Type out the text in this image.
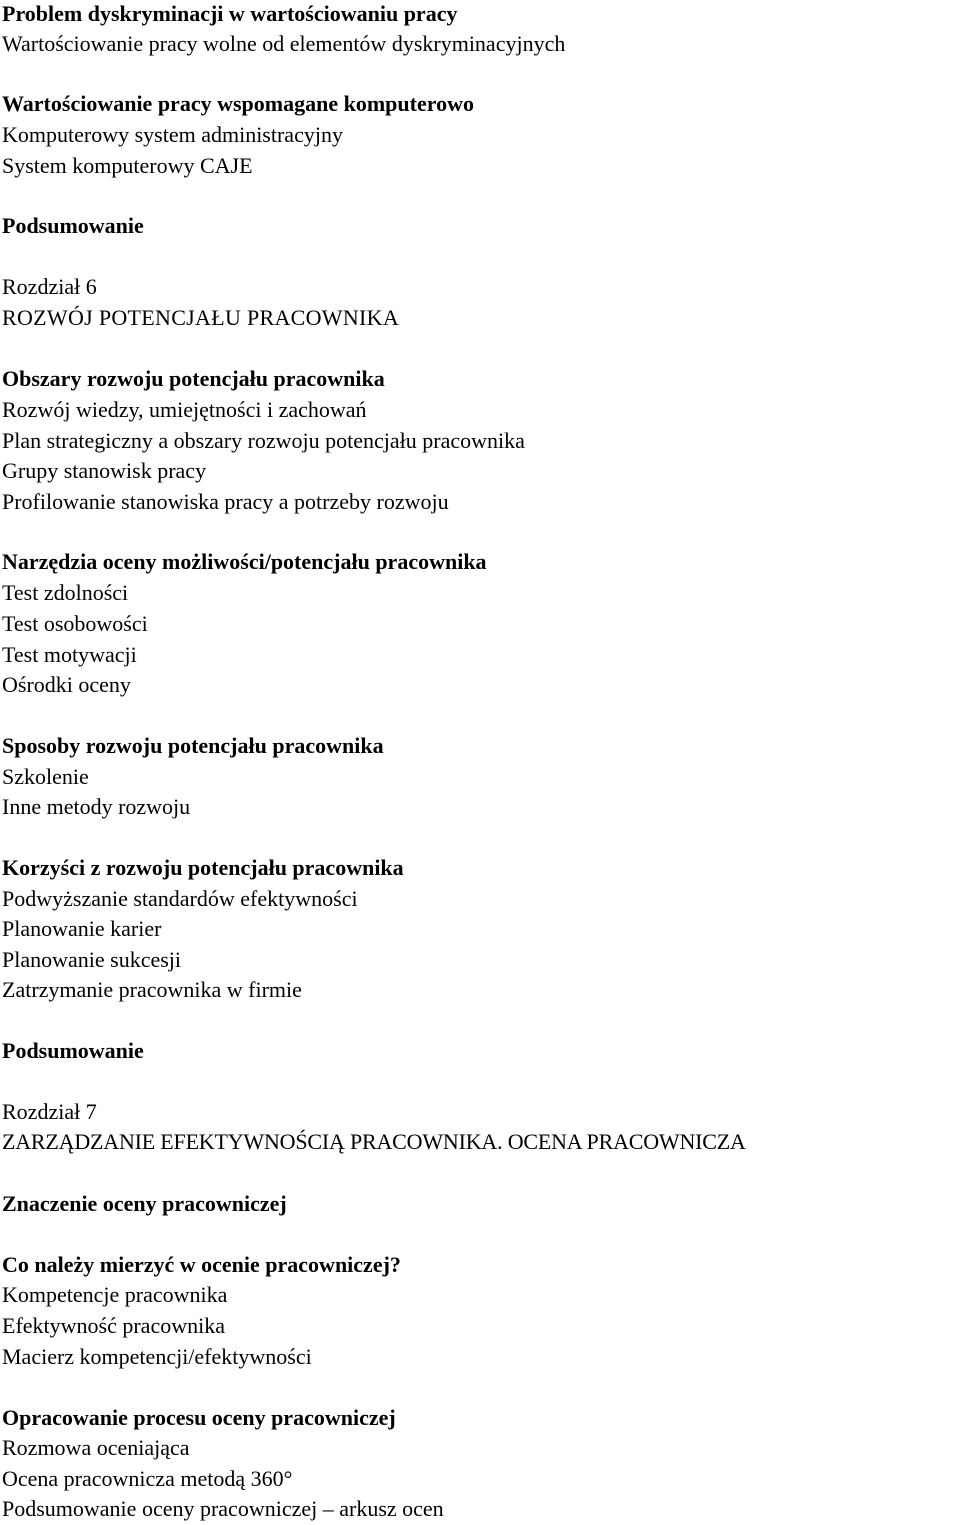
Problem dyskryminacji w wartościowaniu pracy
Wartościowanie pracy wolne od elementów dyskryminacyjnych
Wartościowanie pracy wspomagane komputerowo
Komputerowy system administracyjny
System komputerowy CAJE
Podsumowanie
Rozdział 6
ROZWÓJ POTENCJAŁU PRACOWNIKA
Obszary rozwoju potencjału pracownika
Rozwój wiedzy, umiejętności i zachowań
Plan strategiczny a obszary rozwoju potencjału pracownika
Grupy stanowisk pracy
Profilowanie stanowiska pracy a potrzeby rozwoju
Narzędzia oceny możliwości/potencjału pracownika
Test zdolności
Test osobowości
Test motywacji
Ośrodki oceny
Sposoby rozwoju potencjału pracownika
Szkolenie
Inne metody rozwoju
Korzyści z rozwoju potencjału pracownika
Podwyższanie standardów efektywności
Planowanie karier
Planowanie sukcesji
Zatrzymanie pracownika w firmie
Podsumowanie
Rozdział 7
ZARZĄDZANIE EFEKTYWNOŚCIĄ PRACOWNIKA. OCENA PRACOWNICZA
Znaczenie oceny pracowniczej
Co należy mierzyć w ocenie pracowniczej?
Kompetencje pracownika
Efektywność pracownika
Macierz kompetencji/efektywności
Opracowanie procesu oceny pracowniczej
Rozmowa oceniająca
Ocena pracownicza metodą 360°
Podsumowanie oceny pracowniczej – arkusz ocen
